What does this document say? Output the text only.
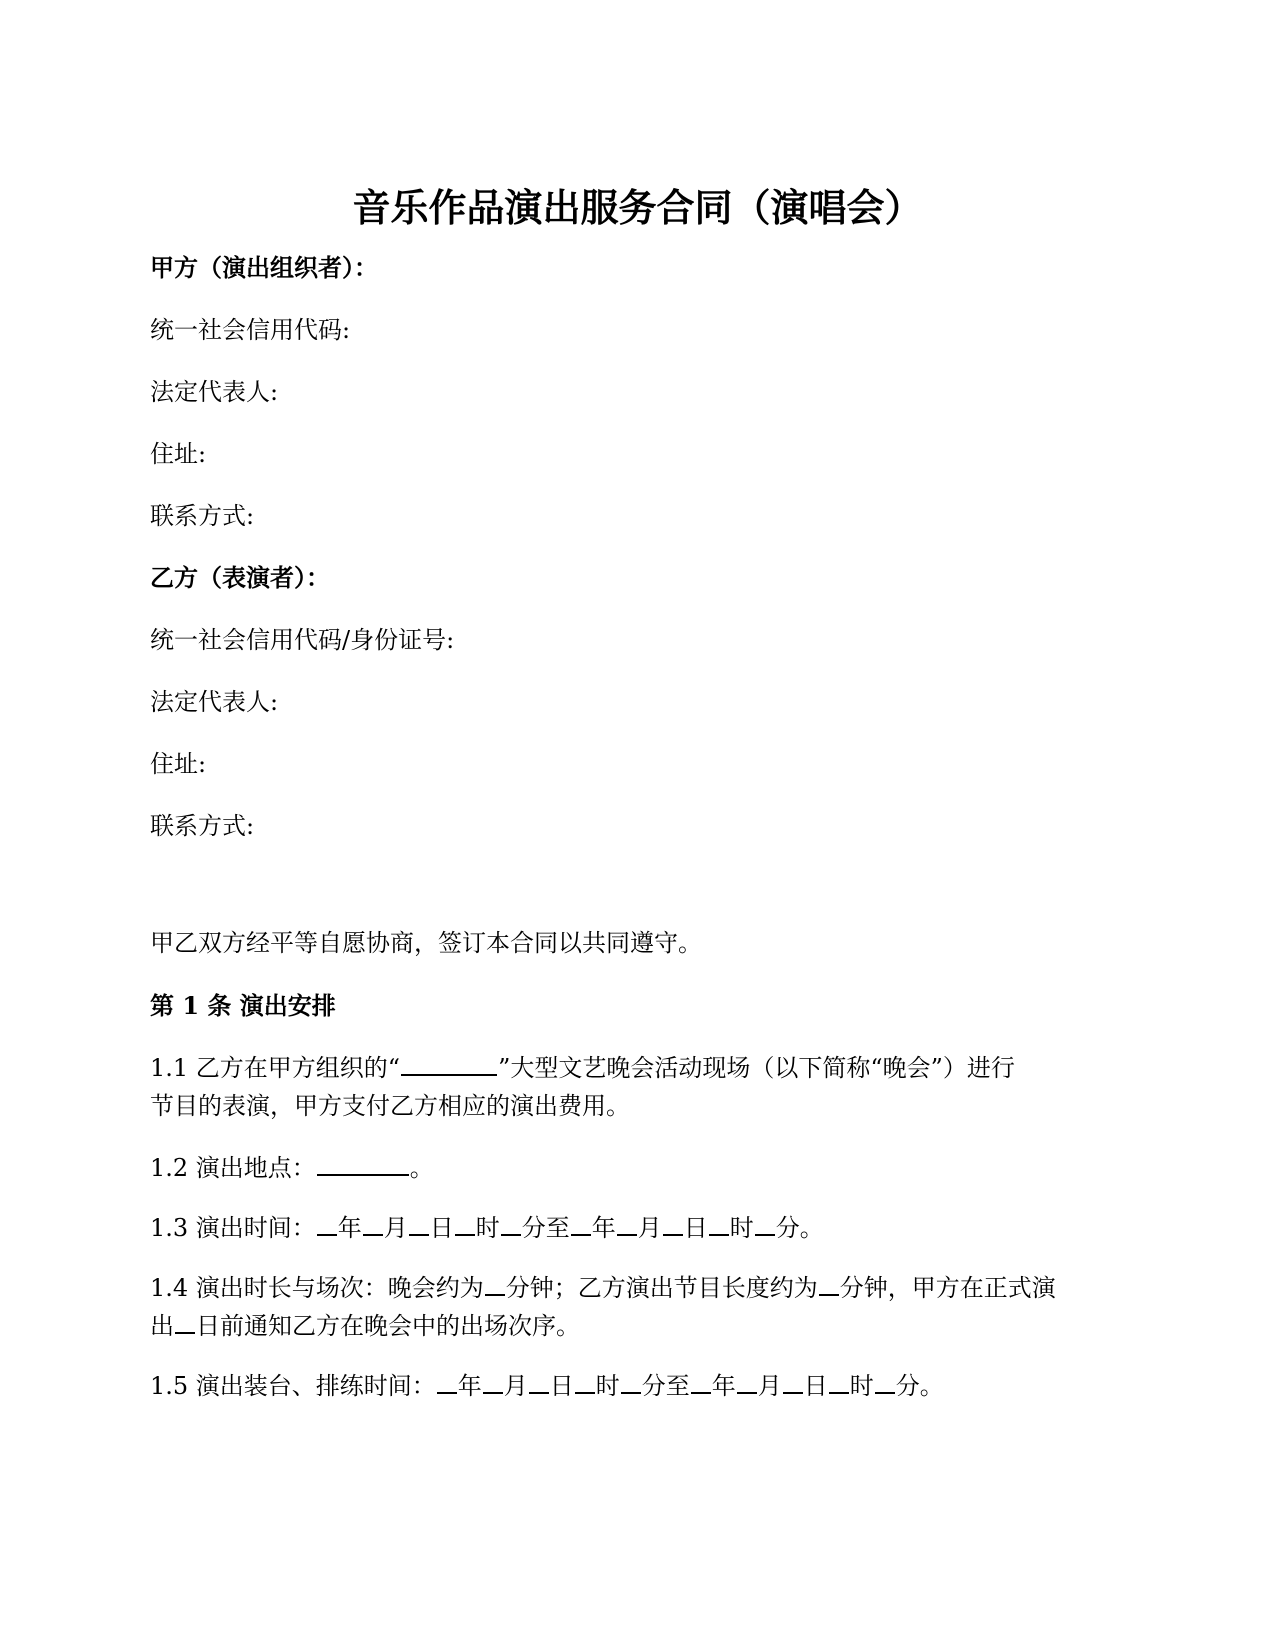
音乐作品演出服务合同（演唱会）
甲方（演出组织者）：
统一社会信用代码:
法定代表人:
住址:
联系方式:
乙方（表演者）：
统一社会信用代码/身份证号:
法定代表人:
住址:
联系方式:
甲乙双方经平等自愿协商，签订本合同以共同遵守。
第 1 条 演出安排
1.1 乙方在甲方组织的“	”大型文艺晚会活动现场（以下简称“晚会”）进行
节目的表演，甲方支付乙方相应的演出费用。
1.2 演出地点：	。
1.3 演出时间： 年 月 日 时 分至 年 月 日 时 分。
1.4 演出时长与场次：晚会约为 分钟；乙方演出节目长度约为 分钟，甲方在正式演
出 日前通知乙方在晚会中的出场次序。
1.5 演出装台、排练时间： 年 月 日 时 分至 年 月 日 时 分。
